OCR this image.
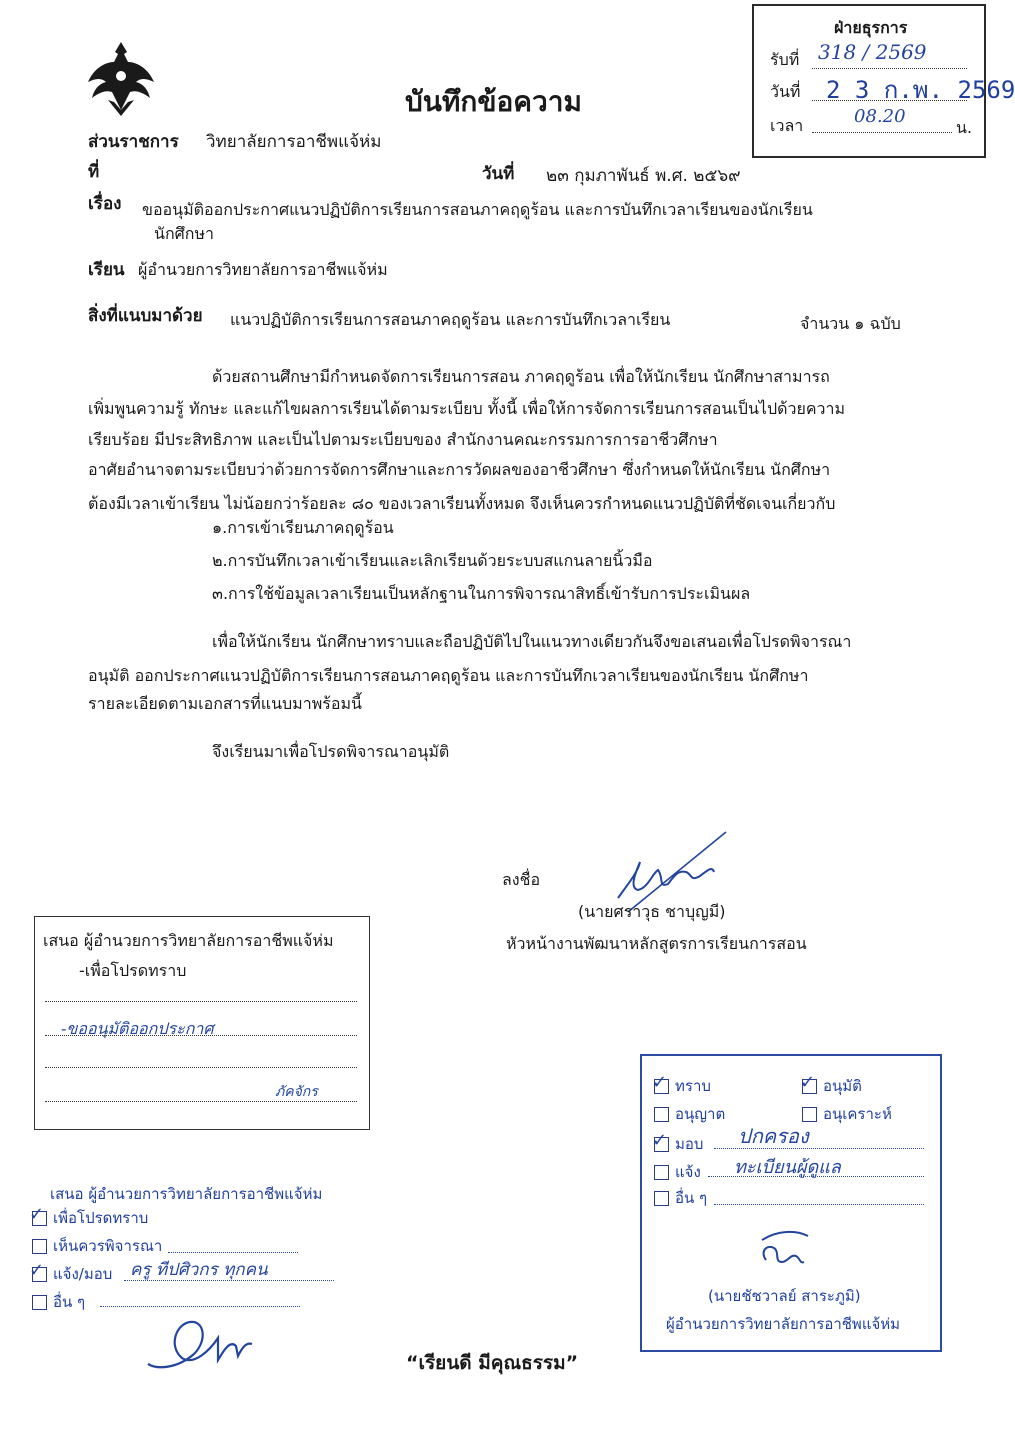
ฝ่ายธุรการ
รับที่ 318 / 2569
วันที่ 2 3 ก.พ. 2569
เวลา	08.20
น.
บันทึกข้อความ
ส่วนราชการ วิทยาลัยการอาชีพแจ้ห่ม
ที่	วันที่ ๒๓ กุมภาพันธ์ พ.ศ. ๒๕๖๙
เรื่อง ขออนุมัติออกประกาศแนวปฏิบัติการเรียนการสอนภาคฤดูร้อน และการบันทึกเวลาเรียนของนักเรียน
นักศึกษา
เรียน ผู้อำนวยการวิทยาลัยการอาชีพแจ้ห่ม
สิ่งที่แนบมาด้วย แนวปฏิบัติการเรียนการสอนภาคฤดูร้อน และการบันทึกเวลาเรียน	จำนวน ๑ ฉบับ
ด้วยสถานศึกษามีกำหนดจัดการเรียนการสอน ภาคฤดูร้อน เพื่อให้นักเรียน นักศึกษาสามารถ
เพิ่มพูนความรู้ ทักษะ และแก้ไขผลการเรียนได้ตามระเบียบ ทั้งนี้ เพื่อให้การจัดการเรียนการสอนเป็นไปด้วยความ
เรียบร้อย มีประสิทธิภาพ และเป็นไปตามระเบียบของ สำนักงานคณะกรรมการการอาชีวศึกษา
อาศัยอำนาจตามระเบียบว่าด้วยการจัดการศึกษาและการวัดผลของอาชีวศึกษา ซึ่งกำหนดให้นักเรียน นักศึกษา
ต้องมีเวลาเข้าเรียน ไม่น้อยกว่าร้อยละ ๘๐ ของเวลาเรียนทั้งหมด จึงเห็นควรกำหนดแนวปฏิบัติที่ชัดเจนเกี่ยวกับ
๑.การเข้าเรียนภาคฤดูร้อน
๒.การบันทึกเวลาเข้าเรียนและเลิกเรียนด้วยระบบสแกนลายนิ้วมือ
๓.การใช้ข้อมูลเวลาเรียนเป็นหลักฐานในการพิจารณาสิทธิ์เข้ารับการประเมินผล
เพื่อให้นักเรียน นักศึกษาทราบและถือปฏิบัติไปในแนวทางเดียวกันจึงขอเสนอเพื่อโปรดพิจารณา
อนุมัติ ออกประกาศแนวปฏิบัติการเรียนการสอนภาคฤดูร้อน และการบันทึกเวลาเรียนของนักเรียน นักศึกษา
รายละเอียดตามเอกสารที่แนบมาพร้อมนี้
จึงเรียนมาเพื่อโปรดพิจารณาอนุมัติ
ลงชื่อ
(นายศราวุธ ชาบุญมี)
หัวหน้างานพัฒนาหลักสูตรการเรียนการสอน
เสนอ ผู้อำนวยการวิทยาลัยการอาชีพแจ้ห่ม
-เพื่อโปรดทราบ
-ขออนุมัติออกประกาศ
ภัคจักร
เสนอ ผู้อำนวยการวิทยาลัยการอาชีพแจ้ห่ม
✓ เพื่อโปรดทราบ
เห็นควรพิจารณา
✓ แจ้ง/มอบ ครู ทีปศิวกร ทุกคน
อื่น ๆ
✓ ทราบ	✓ อนุมัติ
อนุญาต	อนุเคราะห์
✓ มอบ ปกครอง
แจ้ง ทะเบียนผู้ดูแล
อื่น ๆ
(นายชัชวาลย์ สาระภูมิ)
ผู้อำนวยการวิทยาลัยการอาชีพแจ้ห่ม
“เรียนดี มีคุณธรรม”
